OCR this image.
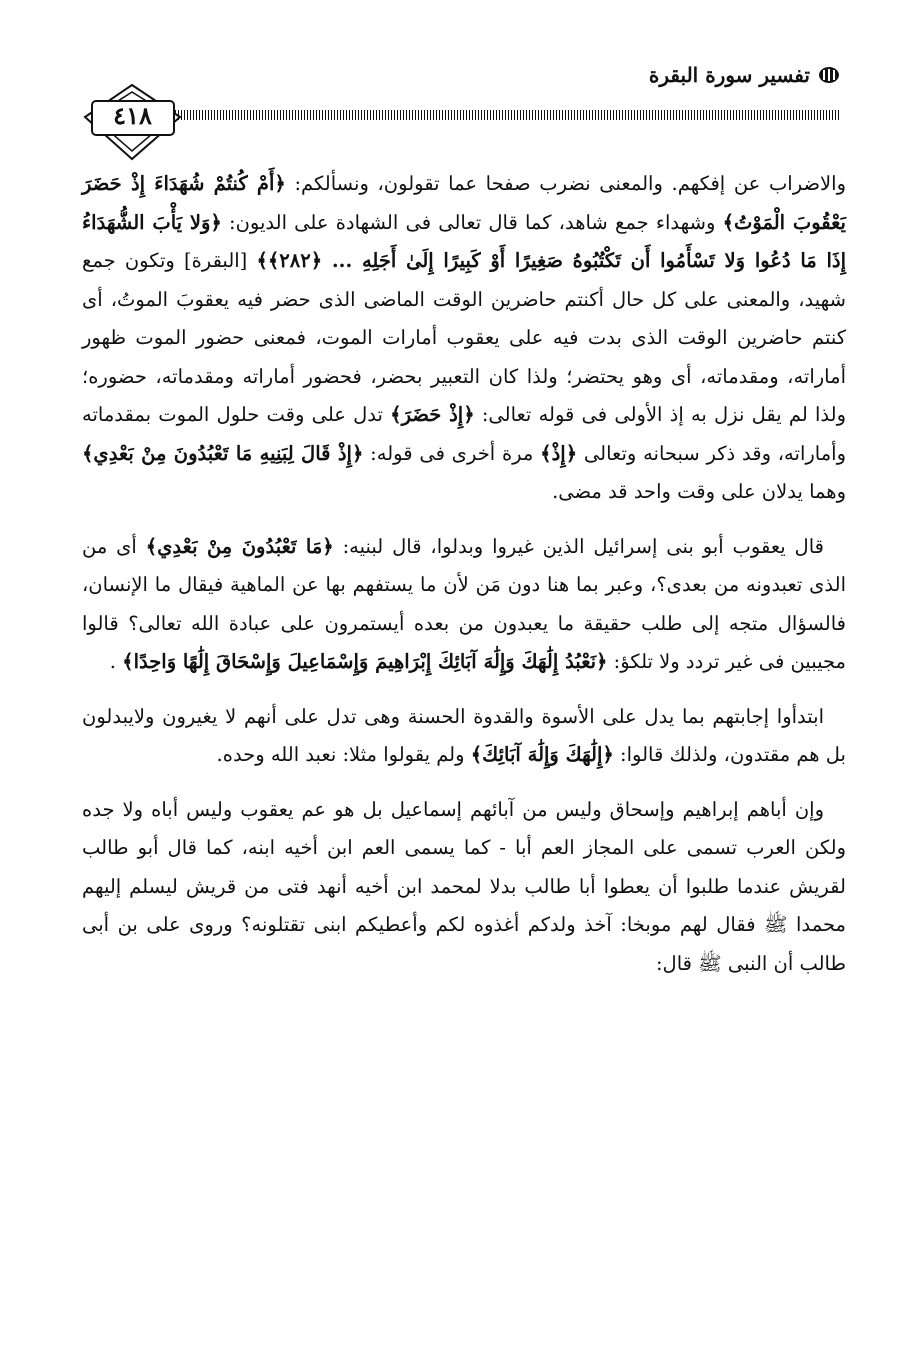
تفسير سورة البقرة
٤١٨

والاضراب عن إفكهم. والمعنى نضرب صفحا عما تقولون، ونسألكم: ﴿أَمْ كُنتُمْ شُهَدَاءَ إِذْ حَضَرَ يَعْقُوبَ الْمَوْتُ﴾ وشهداء جمع شاهد، كما قال تعالى فى الشهادة على الديون: ﴿وَلا يَأْبَ الشُّهَدَاءُ إِذَا مَا دُعُوا وَلا تَسْأَمُوا أَن تَكْتُبُوهُ صَغِيرًا أَوْ كَبِيرًا إِلَىٰ أَجَلِهِ ... ﴿٢٨٢﴾﴾ [البقرة] وتكون جمع شهيد، والمعنى على كل حال أكنتم حاضرين الوقت الماضى الذى حضر فيه يعقوبَ الموتُ، أى كنتم حاضرين الوقت الذى بدت فيه على يعقوب أمارات الموت، فمعنى حضور الموت ظهور أماراته، ومقدماته، أى وهو يحتضر؛ ولذا كان التعبير بحضر، فحضور أماراته ومقدماته، حضوره؛ ولذا لم يقل نزل به إذ الأولى فى قوله تعالى: ﴿إِذْ حَضَرَ﴾ تدل على وقت حلول الموت بمقدماته وأماراته، وقد ذكر سبحانه وتعالى ﴿إِذْ﴾ مرة أخرى فى قوله: ﴿إِذْ قَالَ لِبَنِيهِ مَا تَعْبُدُونَ مِنْ بَعْدِي﴾ وهما يدلان على وقت واحد قد مضى.

قال يعقوب أبو بنى إسرائيل الذين غيروا وبدلوا، قال لبنيه: ﴿مَا تَعْبُدُونَ مِنْ بَعْدِي﴾ أى من الذى تعبدونه من بعدى؟، وعبر بما هنا دون مَن لأن ما يستفهم بها عن الماهية فيقال ما الإنسان، فالسؤال متجه إلى طلب حقيقة ما يعبدون من بعده أيستمرون على عبادة الله تعالى؟ قالوا مجيبين فى غير تردد ولا تلكؤ: ﴿نَعْبُدُ إِلَٰهَكَ وَإِلَٰهَ آبَائِكَ إِبْرَاهِيمَ وَإِسْمَاعِيلَ وَإِسْحَاقَ إِلَٰهًا وَاحِدًا﴾ .

ابتدأوا إجابتهم بما يدل على الأسوة والقدوة الحسنة وهى تدل على أنهم لا يغيرون ولايبدلون بل هم مقتدون، ولذلك قالوا: ﴿إِلَٰهَكَ وَإِلَٰهَ آبَائِكَ﴾ ولم يقولوا مثلا: نعبد الله وحده.

وإن أباهم إبراهيم وإسحاق وليس من آبائهم إسماعيل بل هو عم يعقوب وليس أباه ولا جده ولكن العرب تسمى على المجاز العم أبا - كما يسمى العم ابن أخيه ابنه، كما قال أبو طالب لقريش عندما طلبوا أن يعطوا أبا طالب بدلا لمحمد ابن أخيه أنهد فتى من قريش ليسلم إليهم محمدا ﷺ فقال لهم موبخا: آخذ ولدكم أغذوه لكم وأعطيكم ابنى تقتلونه؟ وروى على بن أبى طالب أن النبى ﷺ قال:
